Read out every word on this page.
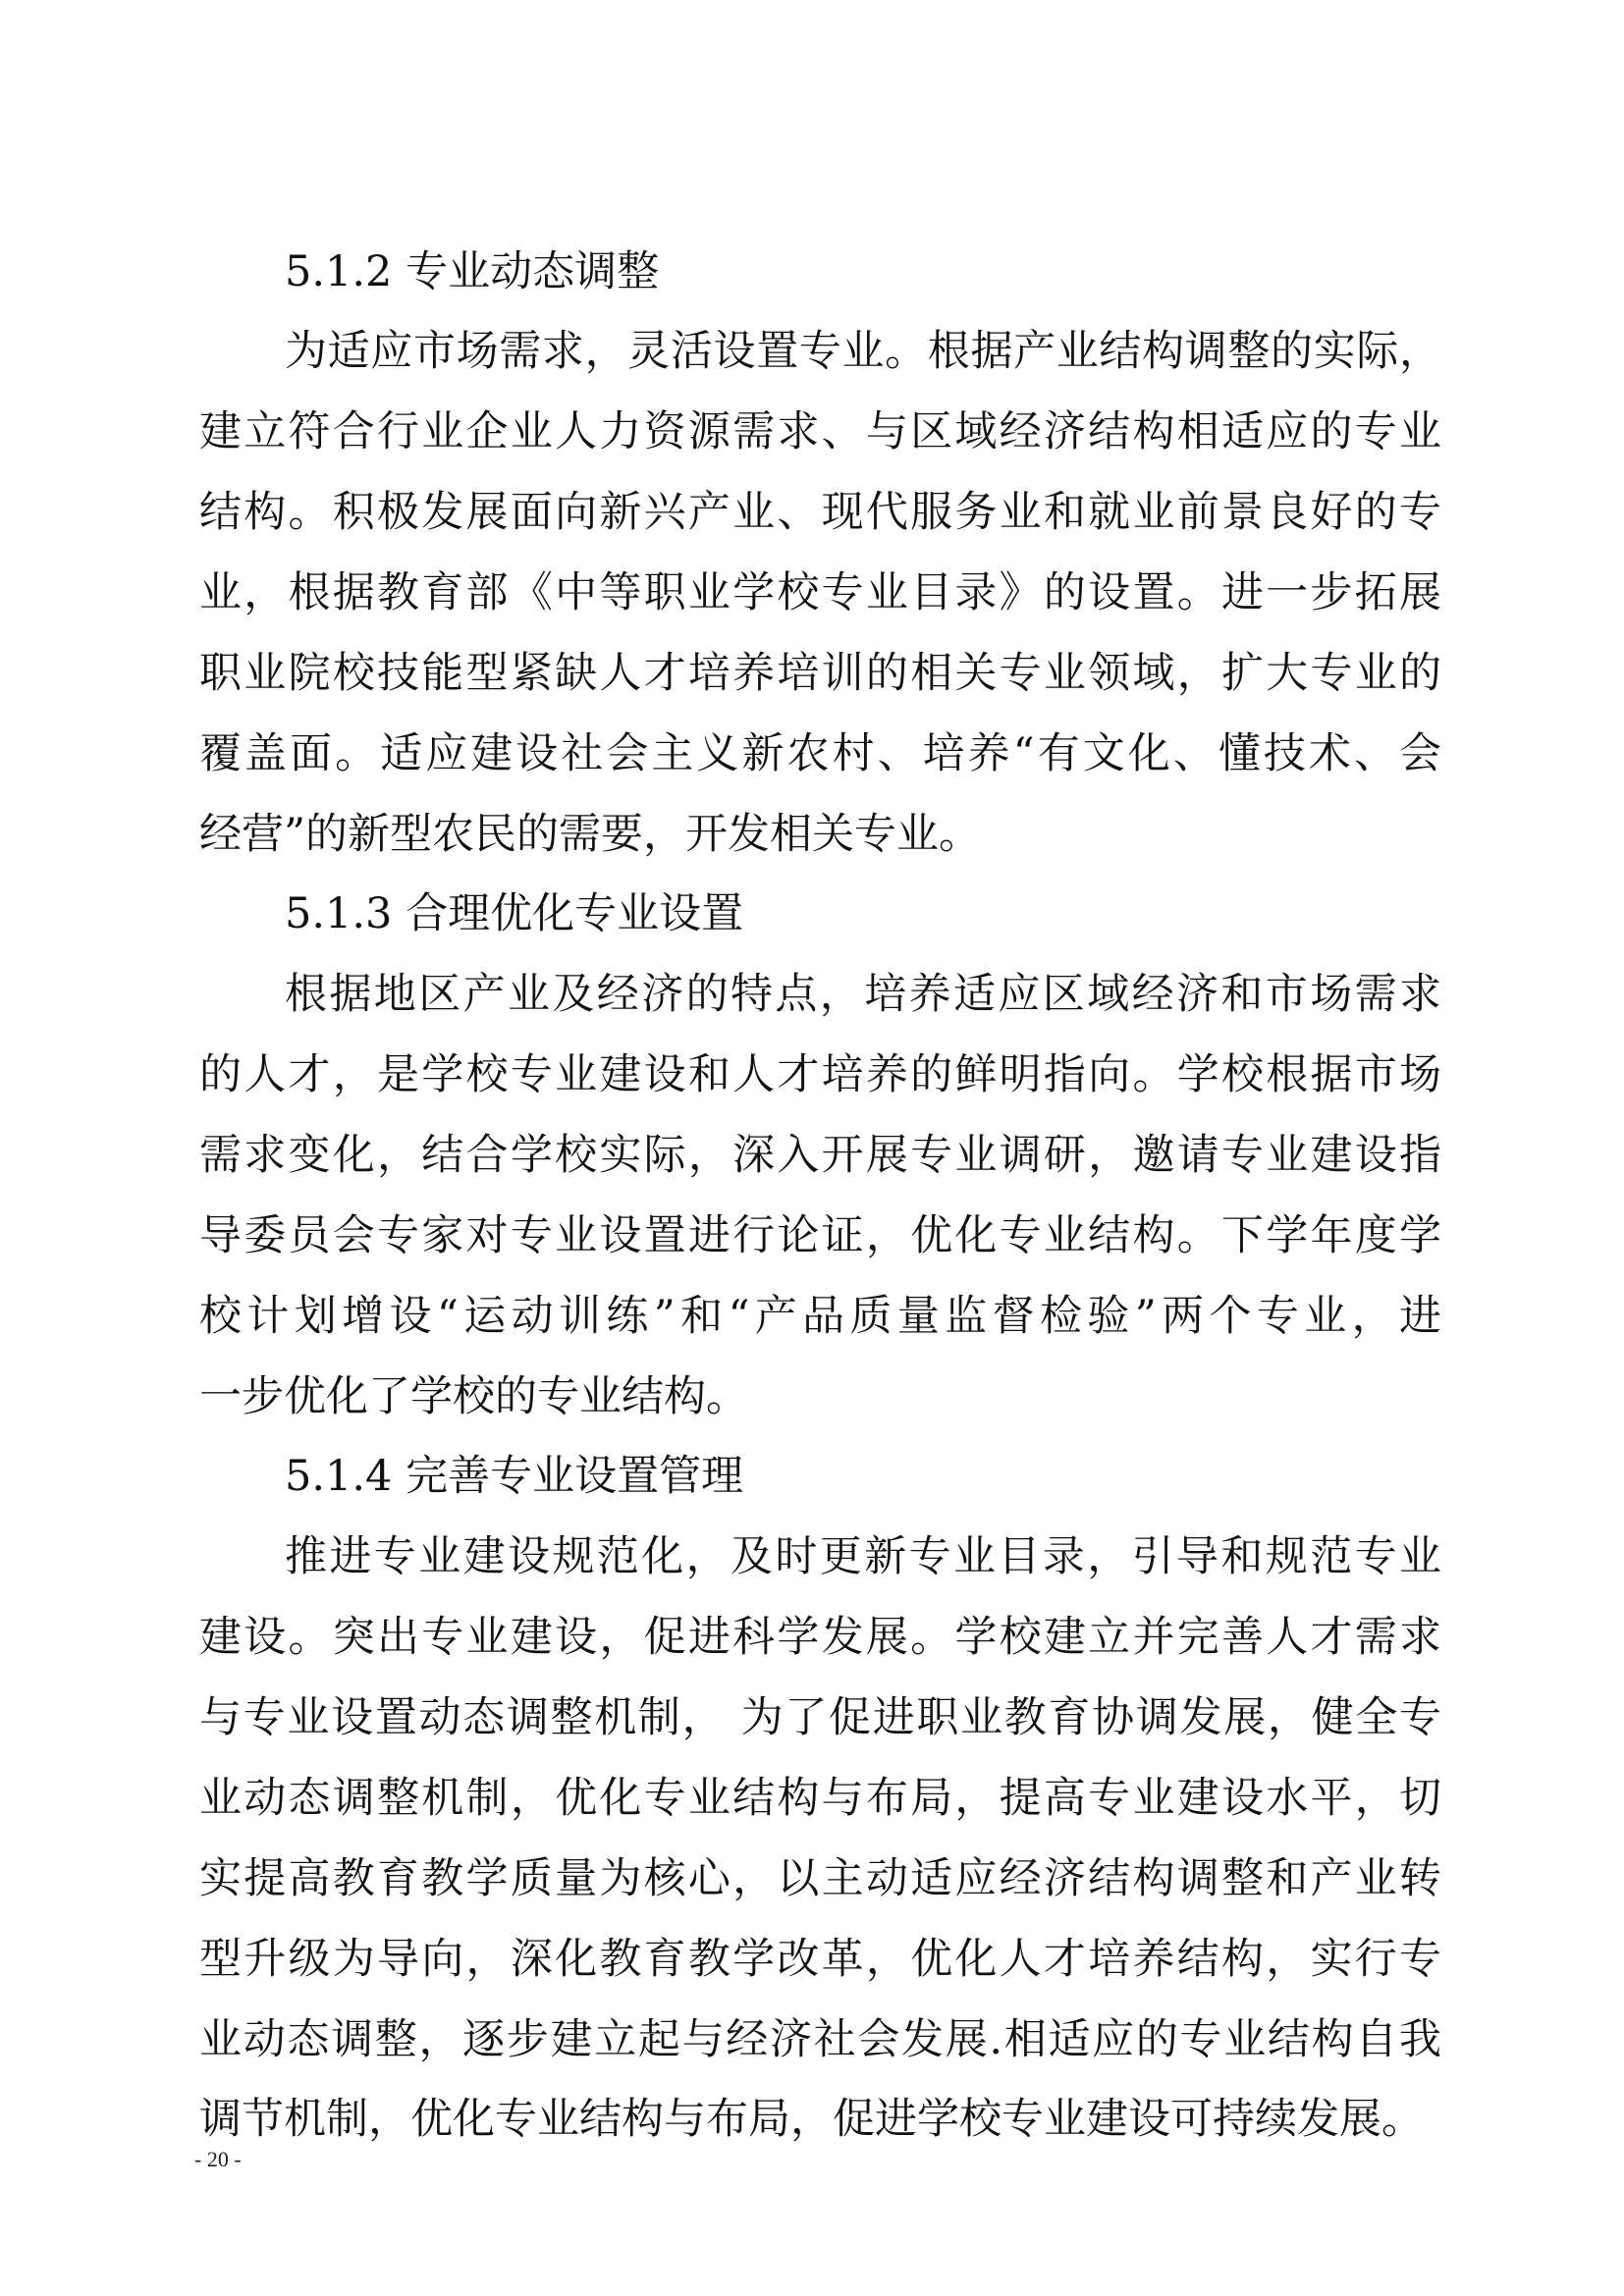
5.1.2 专业动态调整
为适应市场需求，灵活设置专业。根据产业结构调整的实际，
建立符合行业企业人力资源需求、与区域经济结构相适应的专业
结构。积极发展面向新兴产业、现代服务业和就业前景良好的专
业，根据教育部《中等职业学校专业目录》的设置。进一步拓展
职业院校技能型紧缺人才培养培训的相关专业领域，扩大专业的
覆盖面。适应建设社会主义新农村、培养“有文化、懂技术、会
经营”的新型农民的需要，开发相关专业。
5.1.3 合理优化专业设置
根据地区产业及经济的特点，培养适应区域经济和市场需求
的人才，是学校专业建设和人才培养的鲜明指向。学校根据市场
需求变化，结合学校实际，深入开展专业调研，邀请专业建设指
导委员会专家对专业设置进行论证，优化专业结构。下学年度学
校计划增设“运动训练”和“产品质量监督检验”两个专业，进
一步优化了学校的专业结构。
5.1.4 完善专业设置管理
推进专业建设规范化，及时更新专业目录，引导和规范专业
建设。突出专业建设，促进科学发展。学校建立并完善人才需求
与专业设置动态调整机制， 为了促进职业教育协调发展，健全专
业动态调整机制，优化专业结构与布局，提高专业建设水平，切
实提高教育教学质量为核心，以主动适应经济结构调整和产业转
型升级为导向，深化教育教学改革，优化人才培养结构，实行专
业动态调整，逐步建立起与经济社会发展.相适应的专业结构自我
调节机制，优化专业结构与布局，促进学校专业建设可持续发展。
- 20 -
